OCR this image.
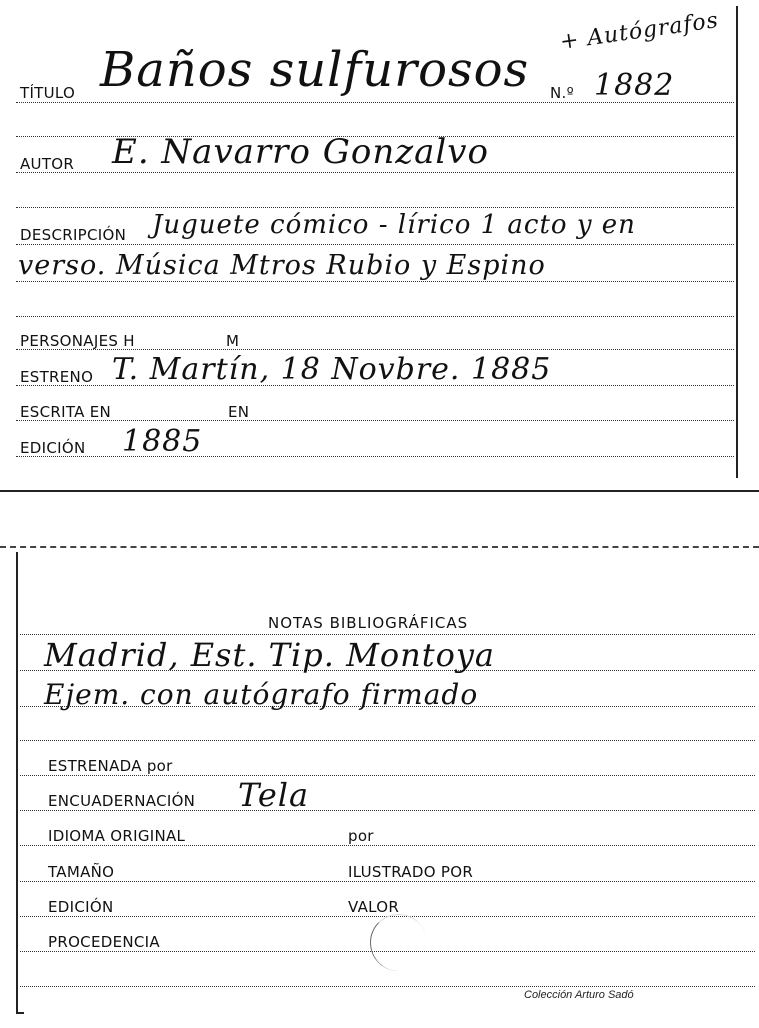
TÍTULO Baños sulfurosos N.º 1882
+ Autógrafos
AUTOR E. Navarro Gonzalvo
DESCRIPCIÓN Juguete cómico - lírico 1 acto y en
verso. Música Mtros Rubio y Espino
PERSONAJES H	M
ESTRENO T. Martín, 18 Novbre. 1885
ESCRITA EN	EN
EDICIÓN 1885
NOTAS BIBLIOGRÁFICAS
Madrid, Est. Tip. Montoya
Ejem. con autógrafo firmado
ESTRENADA por
ENCUADERNACIÓN Tela
IDIOMA ORIGINAL	por
TAMAÑO	ILUSTRADO POR
EDICIÓN	VALOR
PROCEDENCIA
Colección Arturo Sadó
